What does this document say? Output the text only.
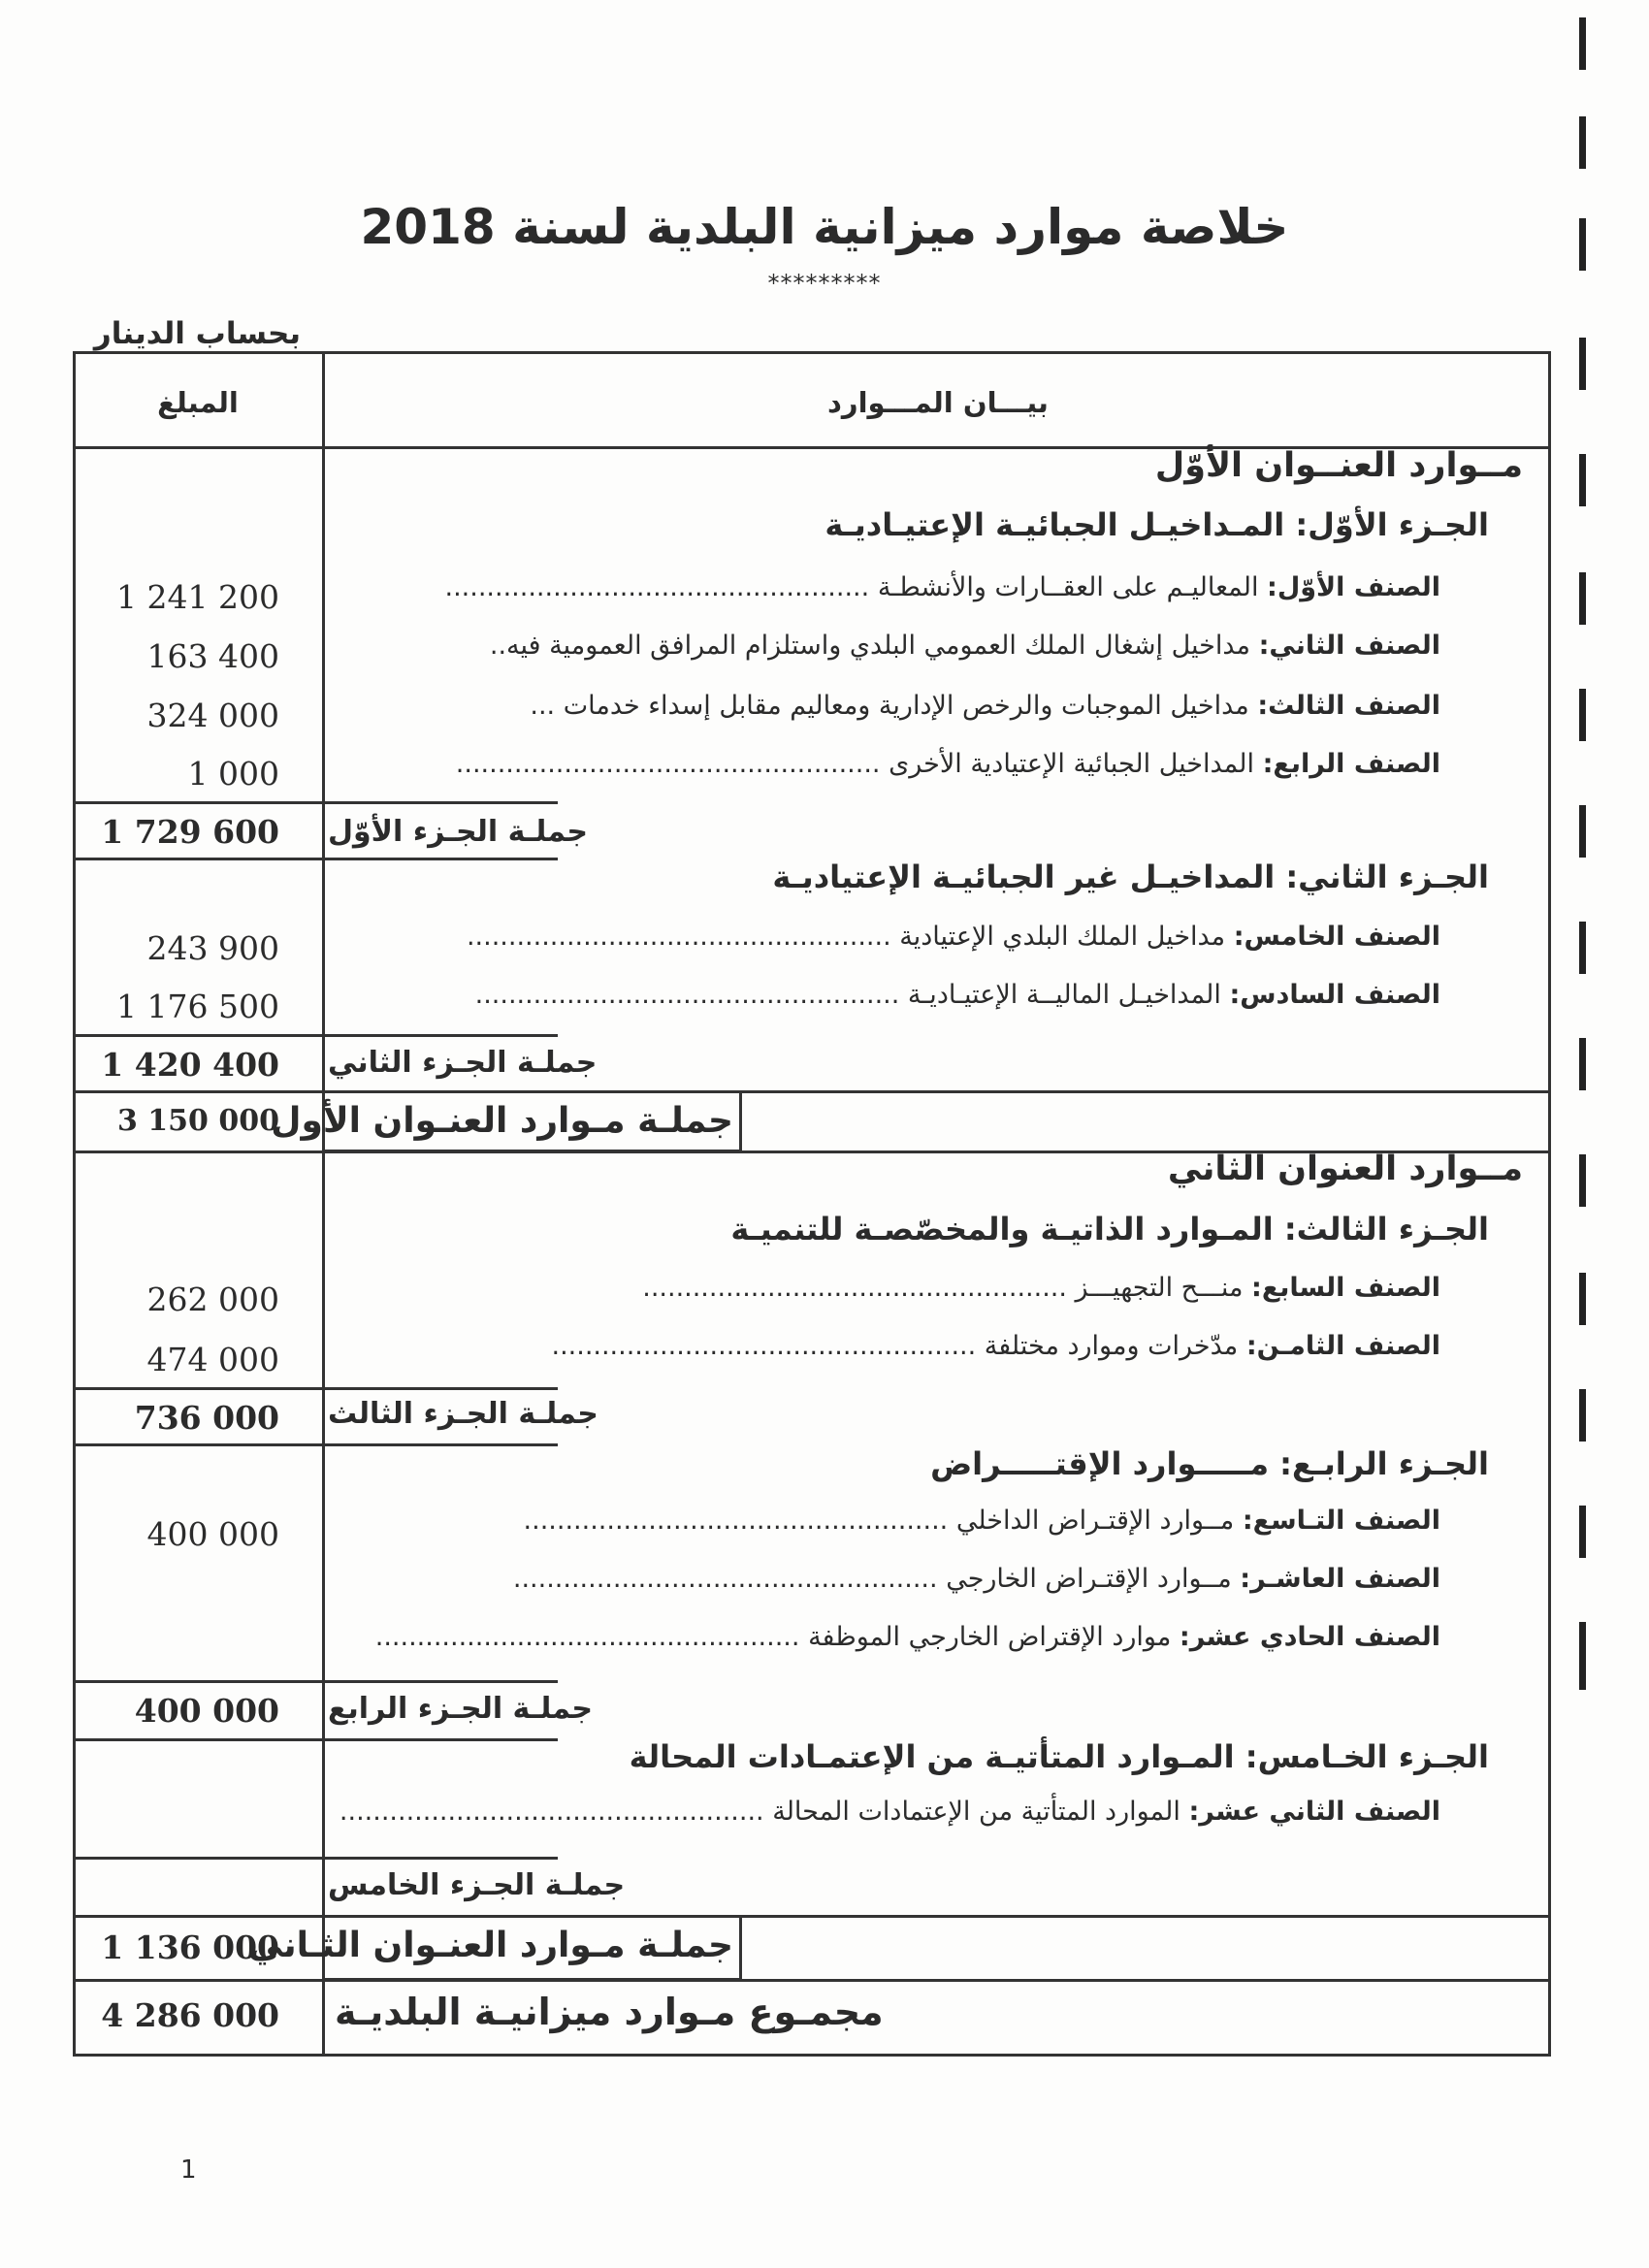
خلاصة موارد ميزانية البلدية لسنة 2018
*********
بحساب الدينار
المبلغ	بيـــان المـــوارد
مــوارد العنــوان الأوّل
الجـزء الأوّل: المـداخيـل الجبائيـة الإعتيـاديـة
الصنف الأوّل: المعاليـم على العقــارات والأنشطـة ...................................................
1 241 200
الصنف الثاني: مداخيل إشغال الملك العمومي البلدي واستلزام المرافق العمومية فيه..
163 400
الصنف الثالث: مداخيل الموجبات والرخص الإدارية ومعاليم مقابل إسداء خدمات ...
324 000
الصنف الرابع: المداخيل الجبائية الإعتيادية الأخرى ...................................................
1 000
جملـة الجـزء الأوّل
1 729 600
الجـزء الثاني: المداخيـل غير الجبائيـة الإعتياديـة
الصنف الخامس: مداخيل الملك البلدي الإعتيادية ...................................................
243 900
الصنف السادس: المداخيـل الماليــة الإعتيـاديـة ...................................................
1 176 500
جملـة الجـزء الثاني
1 420 400
جملـة مـوارد العنـوان الأول
3 150 000
مــوارد العنوان الثاني
الجـزء الثالث: المـوارد الذاتيـة والمخصّصـة للتنميـة
الصنف السابع: منـــح التجهيـــز ...................................................
262 000
الصنف الثامـن: مدّخرات وموارد مختلفة ...................................................
474 000
جملـة الجـزء الثالث
736 000
الجـزء الرابـع: مـــــوارد الإقتـــــراض
الصنف التـاسع: مــوارد الإقتـراض الداخلي ...................................................
400 000
الصنف العاشـر: مــوارد الإقتـراض الخارجي ...................................................
الصنف الحادي عشر: موارد الإقتراض الخارجي الموظفة ...................................................
جملـة الجـزء الرابع
400 000
الجـزء الخـامس: المـوارد المتأتيـة من الإعتمـادات المحالة
الصنف الثاني عشر: الموارد المتأتية من الإعتمادات المحالة ...................................................
جملـة الجـزء الخامس
جملـة مـوارد العنـوان الثـاني
1 136 000
مجمـوع مـوارد ميزانيـة البلديـة
4 286 000
1
